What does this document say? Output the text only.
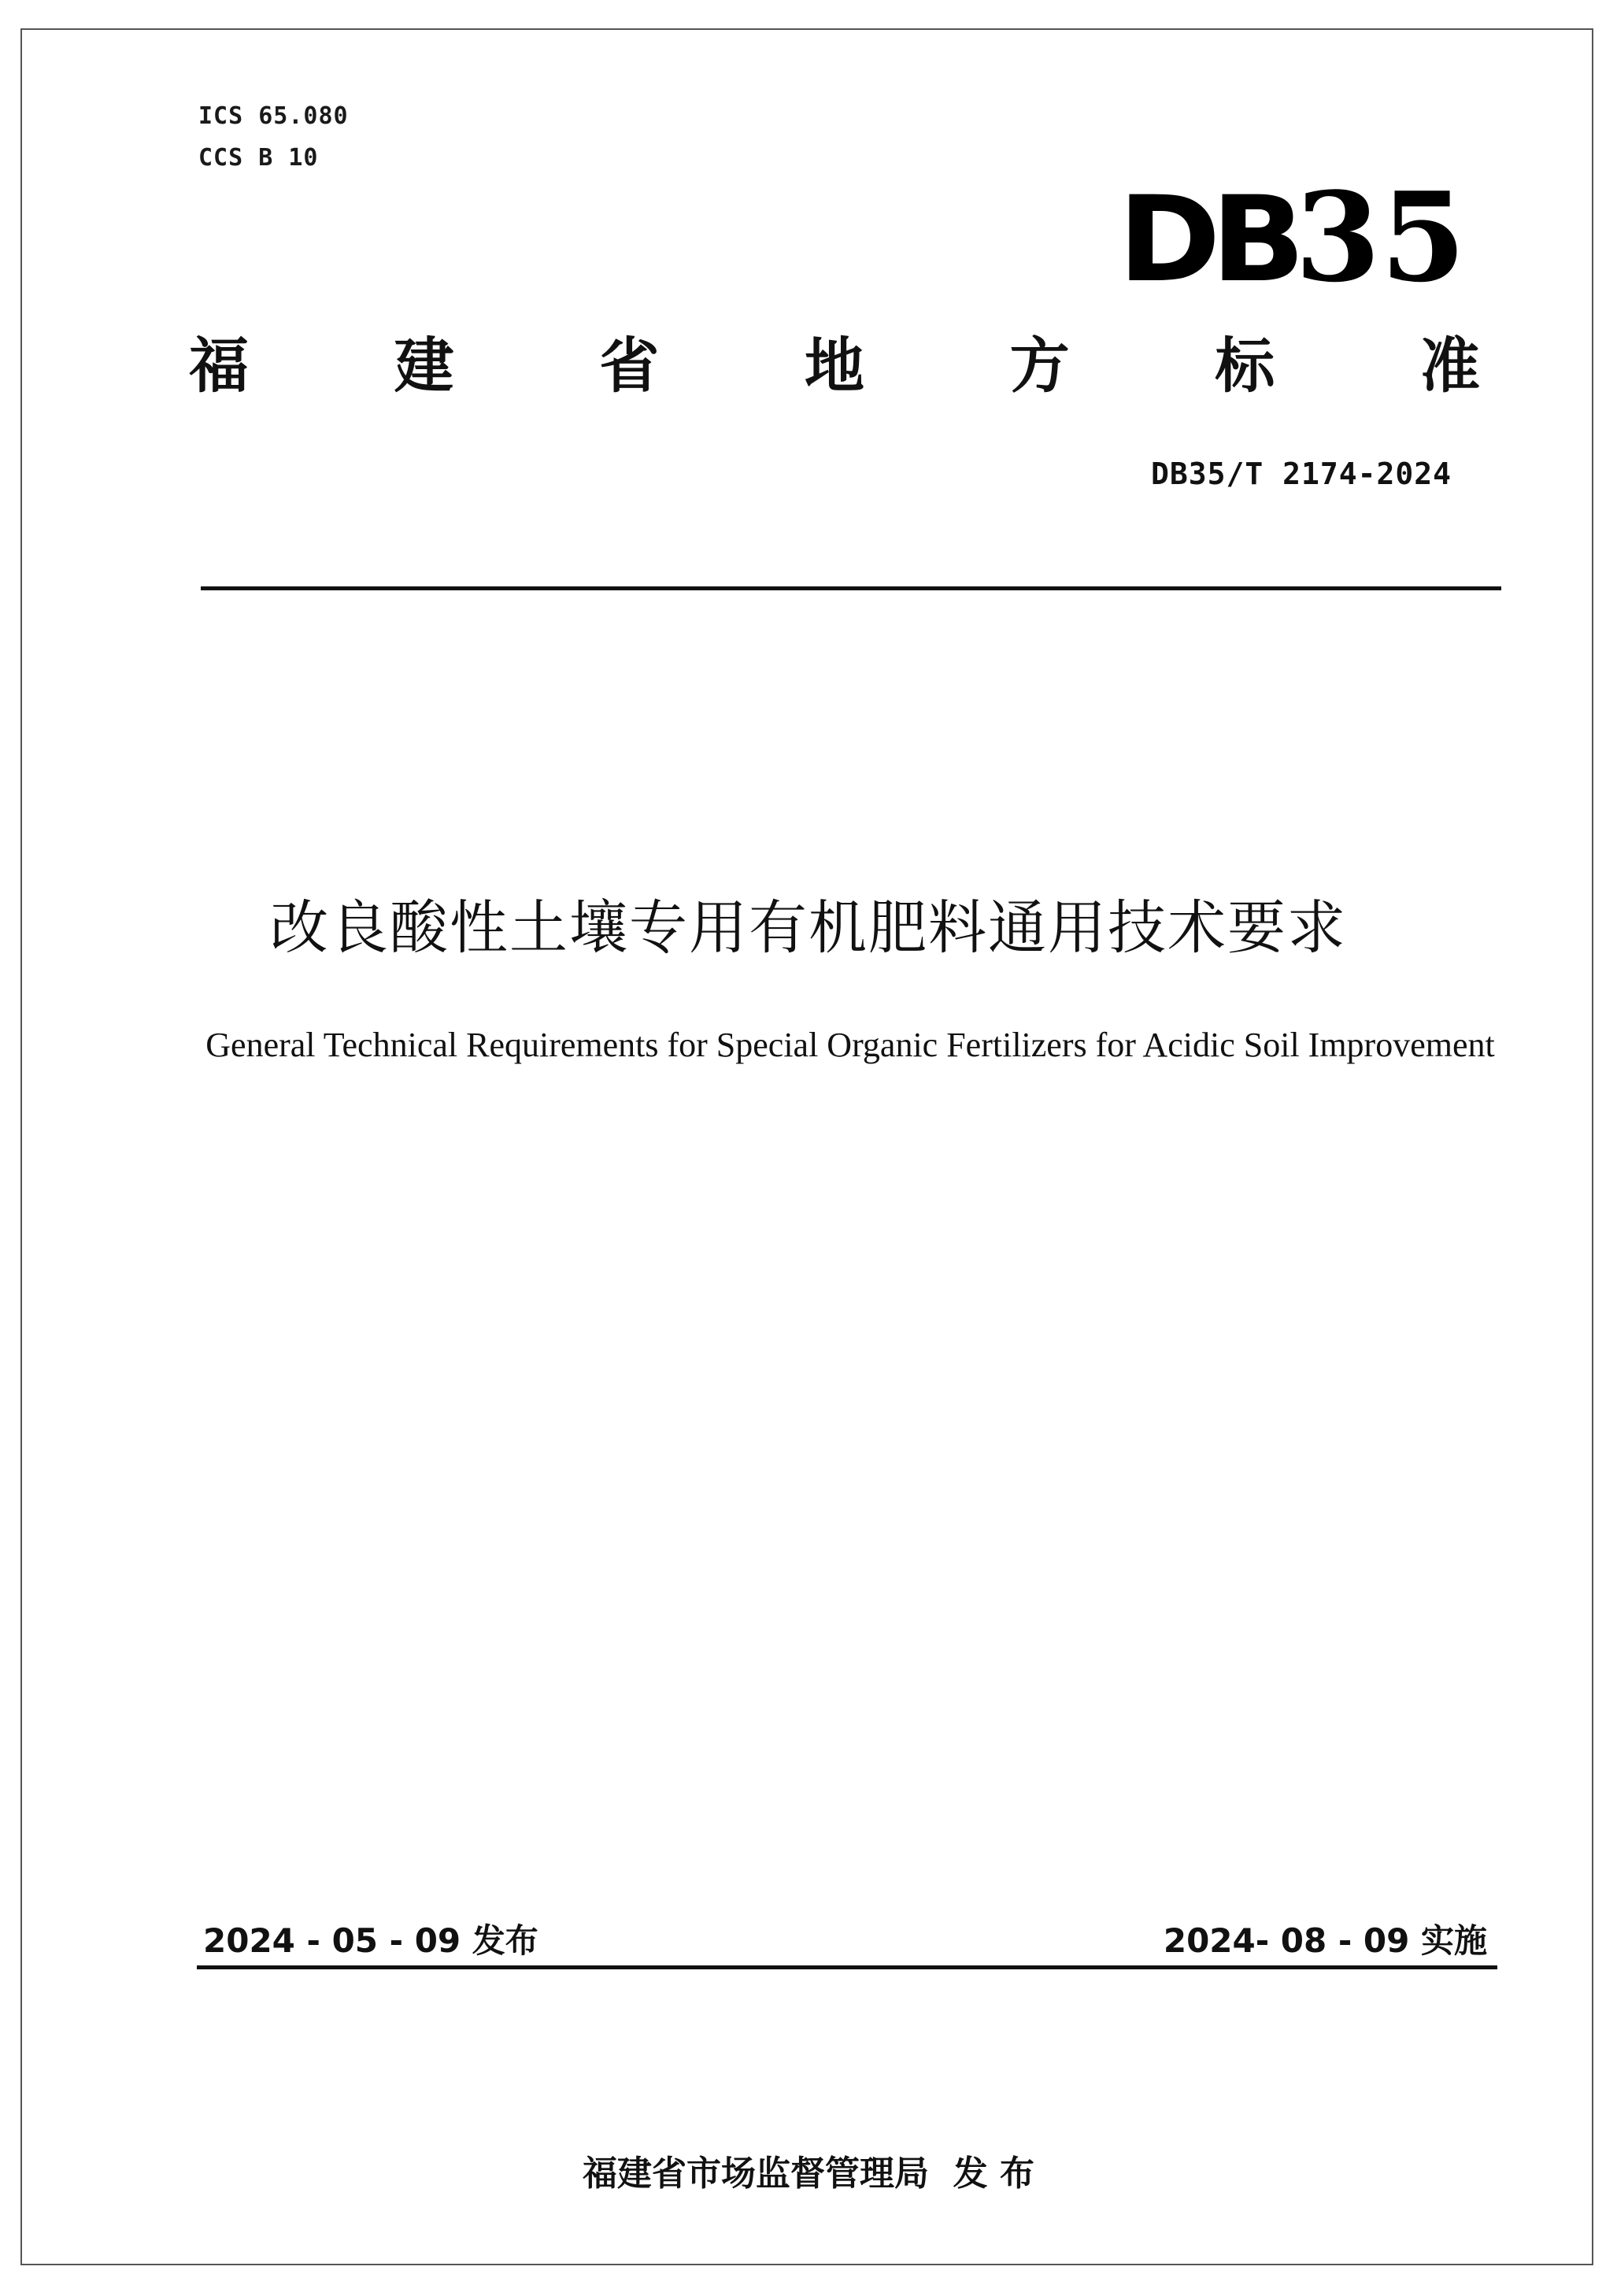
ICS 65.080
CCS B 10
DB 35
福 建 省 地 方 标 准
DB35/T 2174-2024
改良酸性土壤专用有机肥料通用技术要求
General Technical Requirements for Special Organic Fertilizers for Acidic Soil Improvement
2024 - 05 - 09 发布	2024- 08 - 09 实施
福建省市场监督管理局  发 布
